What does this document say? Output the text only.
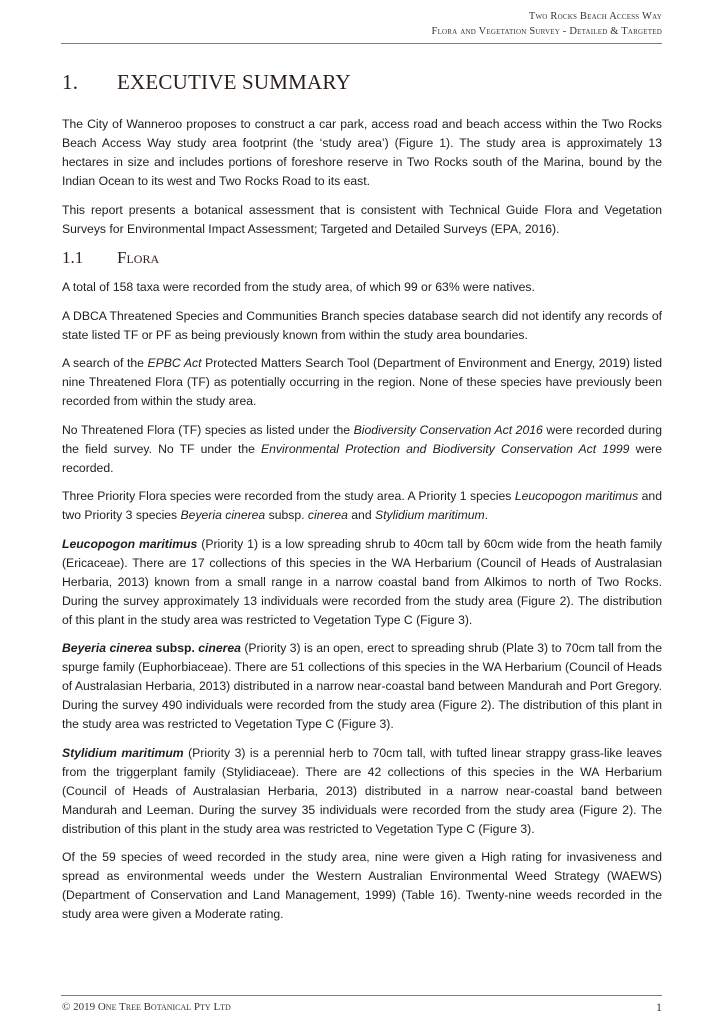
Two Rocks Beach Access Way
Flora and Vegetation Survey - Detailed & Targeted
1.	EXECUTIVE SUMMARY

The City of Wanneroo proposes to construct a car park, access road and beach access within the Two Rocks Beach Access Way study area footprint (the ‘study area’) (Figure 1). The study area is approximately 13 hectares in size and includes portions of foreshore reserve in Two Rocks south of the Marina, bound by the Indian Ocean to its west and Two Rocks Road to its east.

This report presents a botanical assessment that is consistent with Technical Guide Flora and Vegetation Surveys for Environmental Impact Assessment; Targeted and Detailed Surveys (EPA, 2016).

1.1	Flora

A total of 158 taxa were recorded from the study area, of which 99 or 63% were natives.

A DBCA Threatened Species and Communities Branch species database search did not identify any records of state listed TF or PF as being previously known from within the study area boundaries.

A search of the EPBC Act Protected Matters Search Tool (Department of Environment and Energy, 2019) listed nine Threatened Flora (TF) as potentially occurring in the region. None of these species have previously been recorded from within the study area.

No Threatened Flora (TF) species as listed under the Biodiversity Conservation Act 2016 were recorded during the field survey. No TF under the Environmental Protection and Biodiversity Conservation Act 1999 were recorded.

Three Priority Flora species were recorded from the study area. A Priority 1 species Leucopogon maritimus and two Priority 3 species Beyeria cinerea subsp. cinerea and Stylidium maritimum.

Leucopogon maritimus (Priority 1) is a low spreading shrub to 40cm tall by 60cm wide from the heath family (Ericaceae). There are 17 collections of this species in the WA Herbarium (Council of Heads of Australasian Herbaria, 2013) known from a small range in a narrow coastal band from Alkimos to north of Two Rocks. During the survey approximately 13 individuals were recorded from the study area (Figure 2). The distribution of this plant in the study area was restricted to Vegetation Type C (Figure 3).

Beyeria cinerea subsp. cinerea (Priority 3) is an open, erect to spreading shrub (Plate 3) to 70cm tall from the spurge family (Euphorbiaceae). There are 51 collections of this species in the WA Herbarium (Council of Heads of Australasian Herbaria, 2013) distributed in a narrow near-coastal band between Mandurah and Port Gregory. During the survey 490 individuals were recorded from the study area (Figure 2). The distribution of this plant in the study area was restricted to Vegetation Type C (Figure 3).

Stylidium maritimum (Priority 3) is a perennial herb to 70cm tall, with tufted linear strappy grass-like leaves from the triggerplant family (Stylidiaceae). There are 42 collections of this species in the WA Herbarium (Council of Heads of Australasian Herbaria, 2013) distributed in a narrow near-coastal band between Mandurah and Leeman. During the survey 35 individuals were recorded from the study area (Figure 2). The distribution of this plant in the study area was restricted to Vegetation Type C (Figure 3).

Of the 59 species of weed recorded in the study area, nine were given a High rating for invasiveness and spread as environmental weeds under the Western Australian Environmental Weed Strategy (WAEWS) (Department of Conservation and Land Management, 1999) (Table 16). Twenty-nine weeds recorded in the study area were given a Moderate rating.

© 2019 One Tree Botanical Pty Ltd	1
